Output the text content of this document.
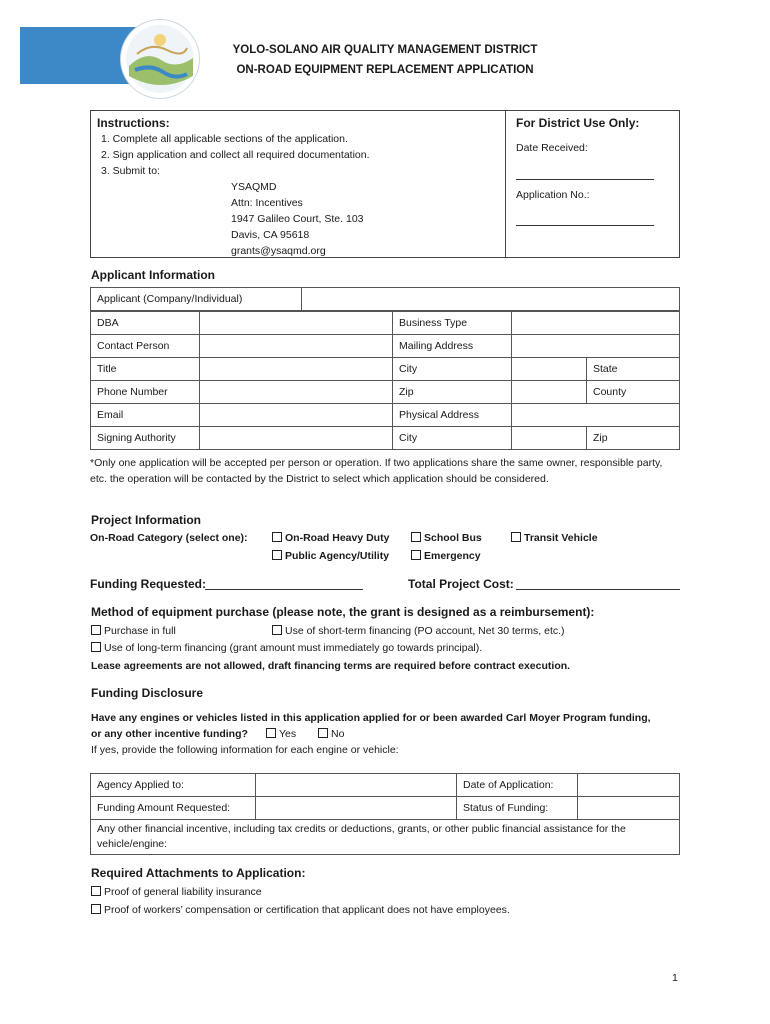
YOLO-SOLANO AIR QUALITY MANAGEMENT DISTRICT
ON-ROAD EQUIPMENT REPLACEMENT APPLICATION
Instructions:
1. Complete all applicable sections of the application.
2. Sign application and collect all required documentation.
3. Submit to:
YSAQMD
Attn: Incentives
1947 Galileo Court, Ste. 103
Davis, CA 95618
grants@ysaqmd.org
For District Use Only:
Date Received:
Application No.:
Applicant Information
Applicant (Company/Individual)	
DBA		Business Type		
Contact Person		Mailing Address		
Title		City		State
Phone Number		Zip		County
Email		Physical Address		
Signing Authority		City		Zip
*Only one application will be accepted per person or operation. If two applications share the same owner, responsible party, etc. the operation will be contacted by the District to select which application should be considered.
Project Information
On-Road Category (select one):	On-Road Heavy Duty	School Bus	Transit Vehicle
Public Agency/Utility	Emergency
Funding Requested:	Total Project Cost:
Method of equipment purchase (please note, the grant is designed as a reimbursement):
Purchase in full	Use of short-term financing (PO account, Net 30 terms, etc.)
Use of long-term financing (grant amount must immediately go towards principal).
Lease agreements are not allowed, draft financing terms are required before contract execution.
Funding Disclosure
Have any engines or vehicles listed in this application applied for or been awarded Carl Moyer Program funding,
or any other incentive funding?	Yes	No
If yes, provide the following information for each engine or vehicle:
Agency Applied to:		Date of Application:	
Funding Amount Requested:		Status of Funding:	
Any other financial incentive, including tax credits or deductions, grants, or other public financial assistance for the vehicle/engine:			
Required Attachments to Application:
Proof of general liability insurance
Proof of workers’ compensation or certification that applicant does not have employees.
1
